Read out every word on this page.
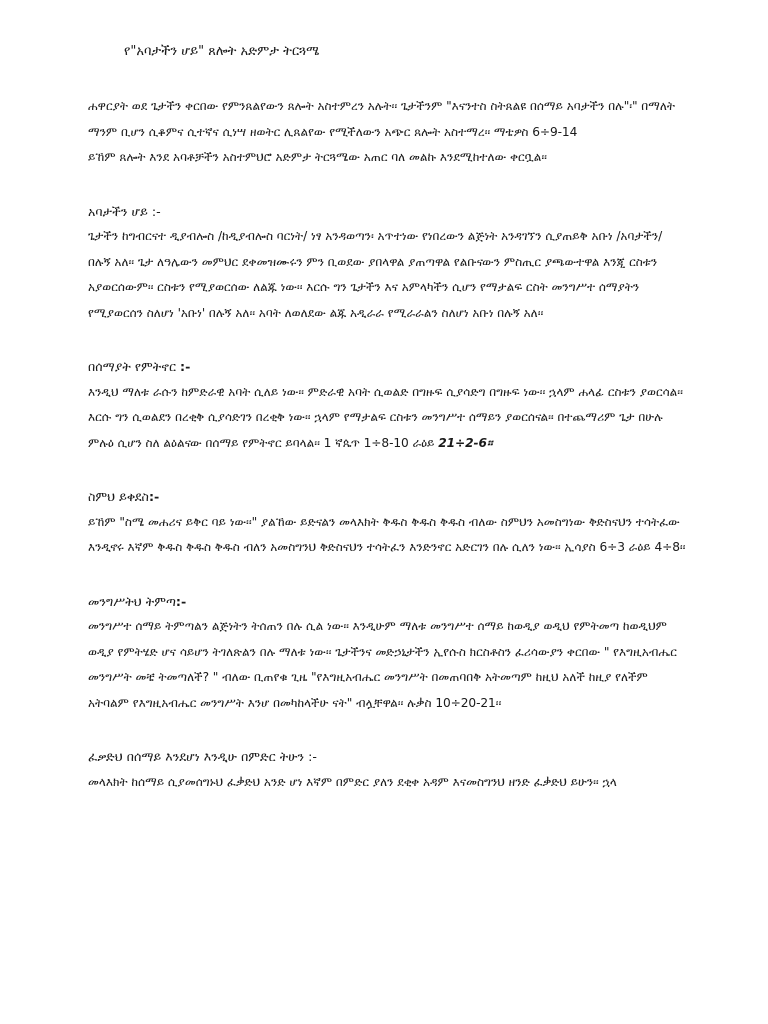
የ"አባታችን ሆይ" ጸሎት አድምታ ትርጓሜ

ሐዋርያት ወደ ጌታችን ቀርበው የምንጸልየውን ጸሎት አስተምረን አሉት፡፡ ጌታችንም "እናንተስ ስትጸልዩ በሰማይ አባታችን በሉ"፡" በማለት ማንም ቢሆን ሲቆምና ሲተኛና ሲነሣ ዘወትር ሊጸልየው የሚችለውን አጭር ጸሎት አስተማረ፡፡ ማቴዎስ 6÷9-14

ይኸም ጸሎት እንደ አባቶቻችን አስተምህሮ አድምታ ትርጓሜው አጠር ባለ መልኩ እንደሚከተለው ቀርቧል፡፡

አባታችን ሆይ :-

ጌታችን ከግብርናተ ዲያብሎስ /ከዲያብሎስ ባርነት/ ነፃ አንዳወጣን፡ አጥተነው የነበረውን ልጅነት አንዳገኘን ሲያጠይቅ አቡነ /አባታችን/ በሉኝ አለ፡፡ ጌታ ለዓሌውን መምህር ደቀመዝሙሩን ምን ቢወደው ያበላዋል ያጠጣዋል የልቡናውን ምስጢር ያጫውተዋል እንጂ ርስቱን አያወርሰውም፡፡ ርስቱን የሚያወርሰው ለልጁ ነው፡፡ እርሱ ግን ጌታችን እና አምላካችን ሲሆን የማታልፍ ርስት መንግሥተ ሰማያትን የሚያወርሰን ስለሆነ 'አቡነ' በሉኝ አለ፡፡ አባት ለወለደው ልጁ አዲራራ የሚራራልን ስለሆነ አቡነ በሉኝ አለ፡፡

በሰማያት የምትኖር :-

እንዲህ ማለቱ ራሱን ከምድራዊ አባት ሲለይ ነው፡፡ ምድራዊ አባት ሲወልድ በግዙፍ ሲያሳድግ በግዙፍ ነው፡፡ ኋላም ሐላፊ ርስቱን ያወርሳል፡፡ እርሱ ግን ሲወልደን በረቂቅ ሲያሳድገን በረቂቅ ነው፡፡ ኋላም የማታልፍ ርስቱን መንግሥተ ሰማይን ያወርሰናል፡፡ በተጨማሪም ጌታ በሁሉ ምሉዕ ሲሆን ስለ ልዕልናው በሰማይ የምትኖር ይባላል፡፡ 1 ኛጴጥ 1÷8-10 ራዕይ 21÷2-6፡፡

ስምህ ይቀደስ:-

ይኸም "ስሜ መሐሪና ይቅር ባይ ነው፡፡" ያልኸው ይድናልን መላእክት ቅዱስ ቅዱስ ቅዱስ ብለው ስምህን አመስግነው ቅድስናህን ተሳትፈው እንዲኖሩ እኛም ቅዱስ ቅዱስ ቅዱስ ብለን አመስግንህ ቅድስናህን ተሳትፈን እንድንኖር አድርገን በሉ ሲለን ነው፡፡ ኢሳያስ 6÷3 ራዕይ 4÷8፡፡

መንግሥትህ ትምጣ:-

መንግሥተ ሰማይ ትምጣልን ልጅነትን ትሰጠን በሉ ሲል ነው፡፡ እንዲሁም ማለቱ መንግሥተ ሰማይ ከወዲያ ወዲህ የምትመጣ ከወዲህም ወዲያ የምትሄድ ሆና ሳይሆን ትገለጽልን በሉ ማለቱ ነው፡፡ ጌታችንና መድኃኒታችን ኢየሱስ ክርስቶስን ፈሪሳውያን ቀርበው " የእግዚአብሔር መንግሥት መቼ ትመጣለች? " ብለው ቢጠየቁ ጊዜ "የእግዚአብሔር መንግሥት በመጠባበቅ አትመጣም ከዚህ አለች ከዚያ የለችም አትባልም የእግዚአብሔር መንግሥት እንሆ በመካከላችሁ ናት" ብሏቸዋል፡፡ ሉቃስ 10÷20-21፡፡

ፈቃድህ በሰማይ እንደሆነ እንዲሁ በምድር ትሁን :-

መላእክት ከሰማይ ሲያመሰግኑህ ፈቃድህ አንድ ሆነ እኛም በምድር ያለን ደቂቀ አዳም እናመስግንህ ዘንድ ፈቃድህ ይሁን፡፡ ኋላ
